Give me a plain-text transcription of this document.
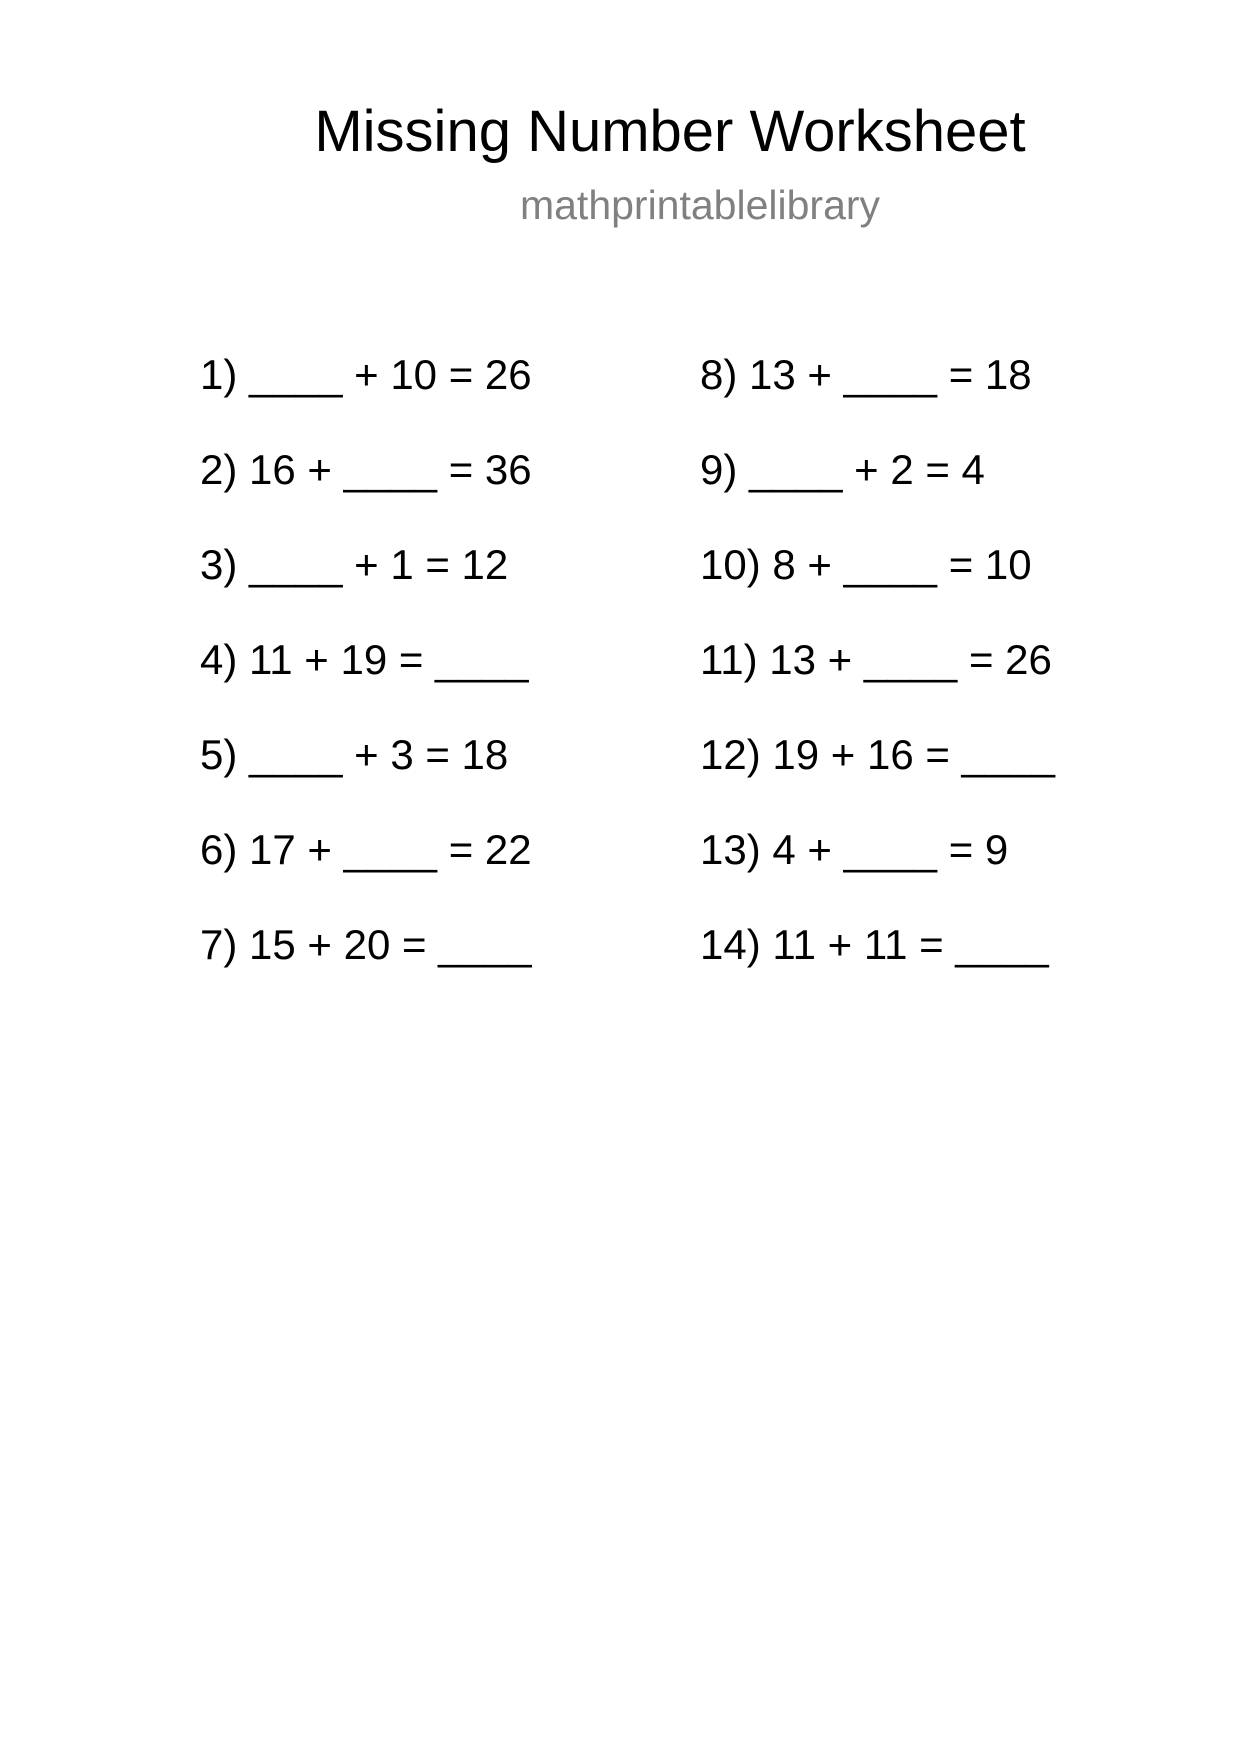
Missing Number Worksheet
mathprintablelibrary
1) ____ + 10 = 26
2) 16 + ____ = 36
3) ____ + 1 = 12
4) 11 + 19 = ____
5) ____ + 3 = 18
6) 17 + ____ = 22
7) 15 + 20 = ____
8) 13 + ____ = 18
9) ____ + 2 = 4
10) 8 + ____ = 10
11) 13 + ____ = 26
12) 19 + 16 = ____
13) 4 + ____ = 9
14) 11 + 11 = ____
